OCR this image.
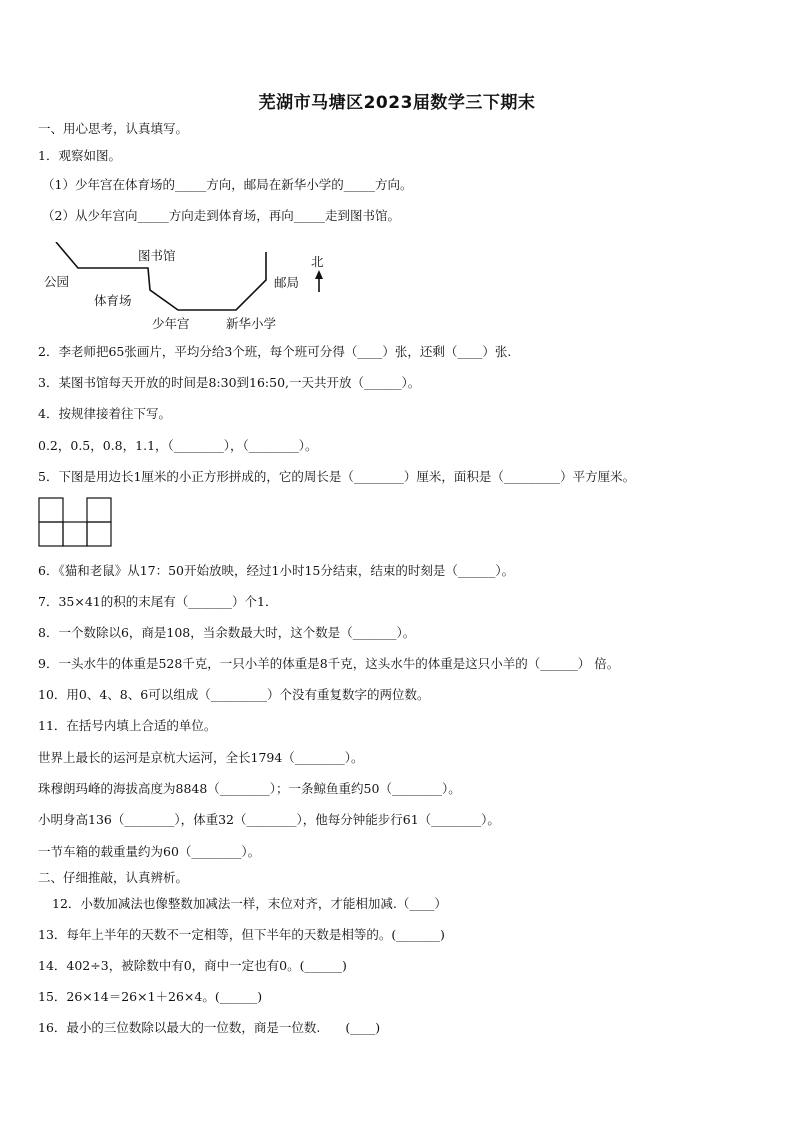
芜湖市马塘区2023届数学三下期末
一、用心思考，认真填写。
1．观察如图。
（1）少年宫在体育场的_____方向，邮局在新华小学的_____方向。
（2）从少年宫向_____方向走到体育场，再向_____走到图书馆。
图书馆	北
公园	邮局
体育场
少年宫	新华小学
2．李老师把65张画片，平均分给3个班，每个班可分得（____）张，还剩（____）张.
3．某图书馆每天开放的时间是8:30到16:50,一天共开放（______）。
4．按规律接着往下写。
0.2，0.5，0.8，1.1，（________），（________）。
5．下图是用边长1厘米的小正方形拼成的，它的周长是（________）厘米，面积是（_________）平方厘米。
6．《猫和老鼠》从17：50开始放映，经过1小时15分结束，结束的时刻是（______）。
7．35×41的积的末尾有（_______）个1．
8．一个数除以6，商是108，当余数最大时，这个数是（_______）。
9．一头水牛的体重是528千克，一只小羊的体重是8千克，这头水牛的体重是这只小羊的（______） 倍。
10．用0、4、8、6可以组成（_________）个没有重复数字的两位数。
11．在括号内填上合适的单位。
世界上最长的运河是京杭大运河，全长1794（________）。
珠穆朗玛峰的海拔高度为8848（________）；一条鲸鱼重约50（________）。
小明身高136（________），体重32（________），他每分钟能步行61（________）。
一节车箱的载重量约为60（________）。
二、仔细推敲，认真辨析。
12．小数加减法也像整数加减法一样，末位对齐，才能相加减.（____）
13．每年上半年的天数不一定相等，但下半年的天数是相等的。(_______)
14．402÷3，被除数中有0，商中一定也有0。(______)
15．26×14＝26×1＋26×4。(______)
16．最小的三位数除以最大的一位数，商是一位数.　　(____)
